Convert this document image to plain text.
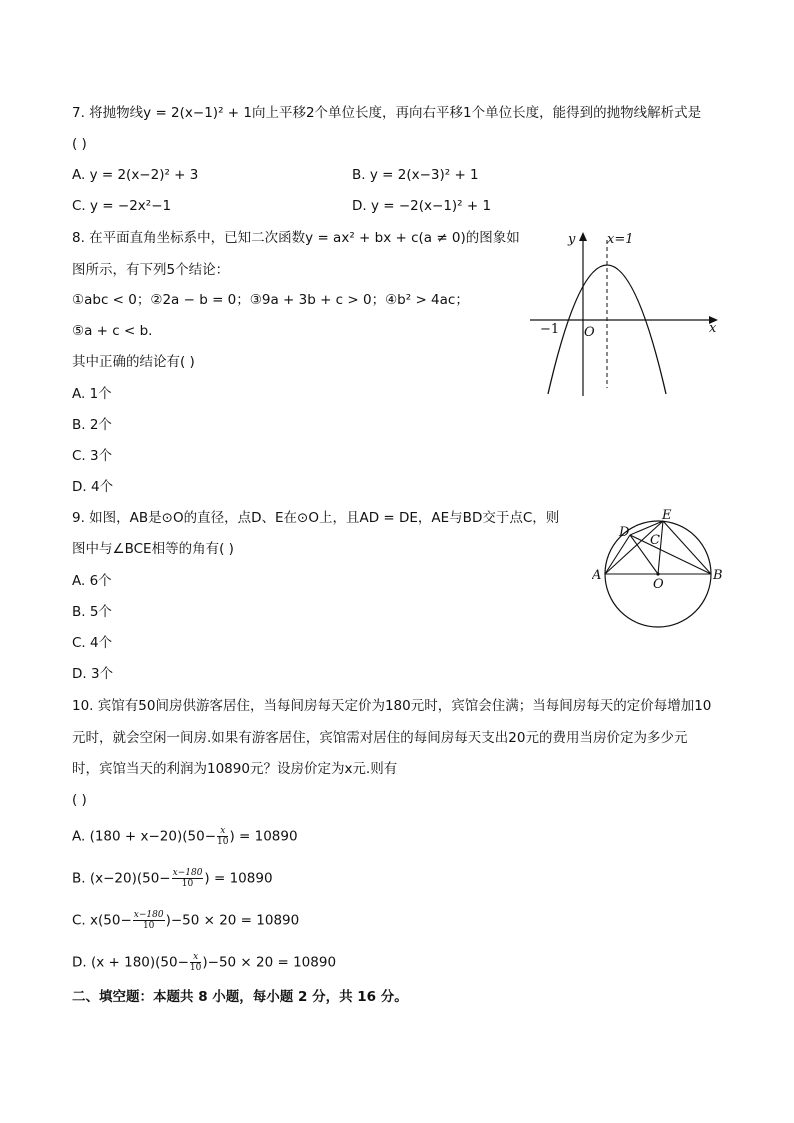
7. 将抛物线y = 2(x−1)² + 1向上平移2个单位长度，再向右平移1个单位长度，能得到的抛物线解析式是
( )
A. y = 2(x−2)² + 3	B. y = 2(x−3)² + 1
C. y = −2x²−1	D. y = −2(x−1)² + 1
8. 在平面直角坐标系中，已知二次函数y = ax² + bx + c(a ≠ 0)的图象如
图所示，有下列5个结论：
①abc < 0；②2a − b = 0；③9a + 3b + c > 0；④b² > 4ac；
⑤a + c < b.
其中正确的结论有( )
A. 1个
B. 2个
C. 3个
D. 4个
y
x
x=1
−1 O
9. 如图，AB是⊙O的直径，点D、E在⊙O上，且AD = DE，AE与BD交于点C，则
图中与∠BCE相等的角有( )
A. 6个
B. 5个
C. 4个
D. 3个
A	B
C
D
E
O
10. 宾馆有50间房供游客居住，当每间房每天定价为180元时，宾馆会住满；当每间房每天的定价每增加10
元时，就会空闲一间房.如果有游客居住，宾馆需对居住的每间房每天支出20元的费用当房价定为多少元
时，宾馆当天的利润为10890元？设房价定为x元.则有
( )
A. $(180 + x-20)(50- \frac{x}{10}$ ) = 10890
B. $(x-20)(50- \frac{x-180}{10}$ ) = 10890
C. $x(50- \frac{x-180}{10} )-50 \times 20 = 10890$
D. $(x + 180)(50- \frac{x}{10} )-50 \times 20 = 10890$
二、填空题：本题共 8 小题，每小题 2 分，共 16 分。
